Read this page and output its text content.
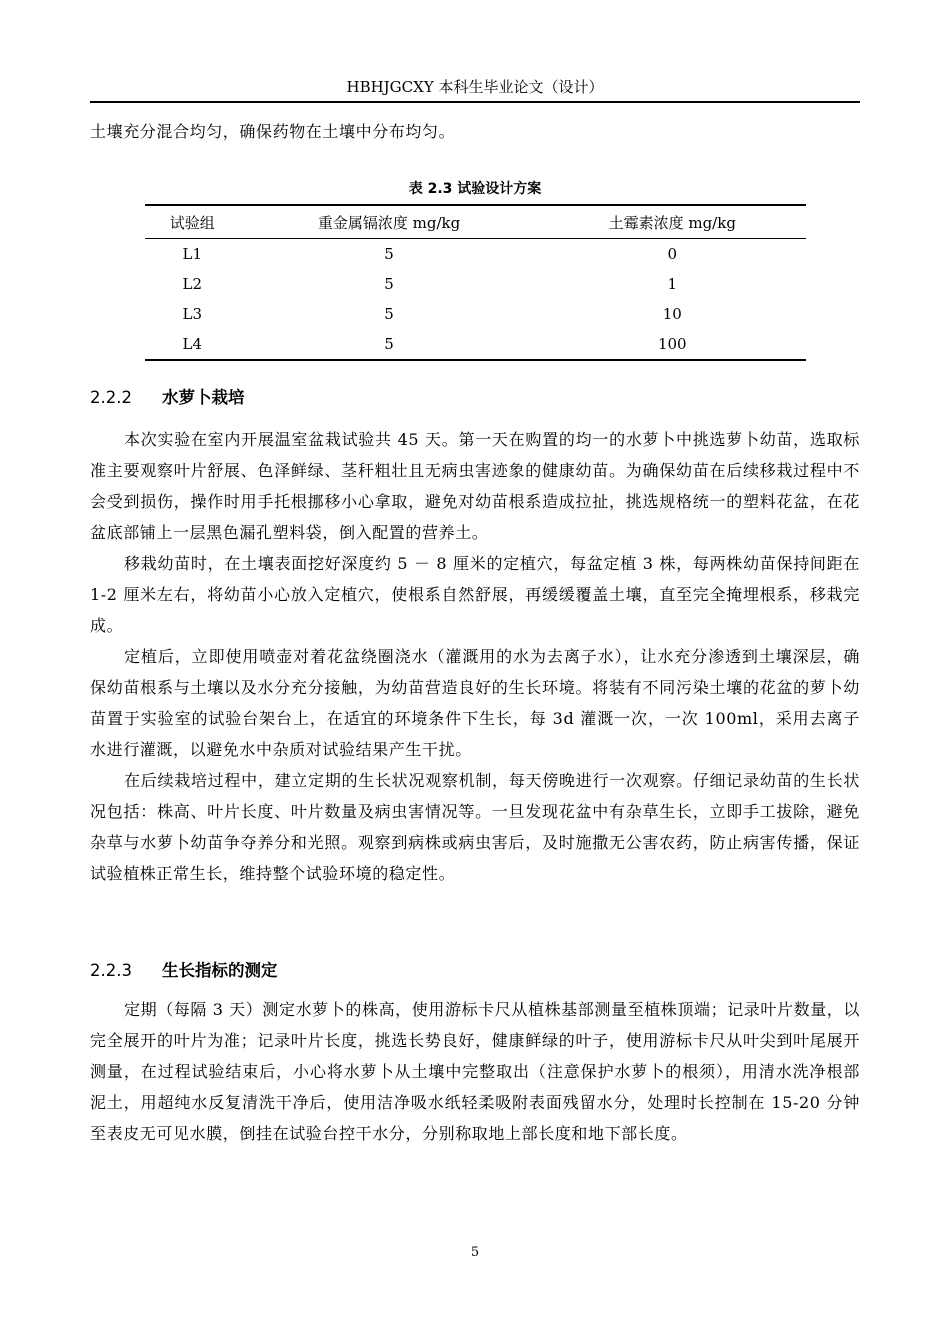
HBHJGCXY 本科生毕业论文（设计）
土壤充分混合均匀，确保药物在土壤中分布均匀。
表 2.3 试验设计方案
试验组	重金属镉浓度 mg/kg	土霉素浓度 mg/kg
L1	5	0
L2	5	1
L3	5	10
L4	5	100
2.2.2 水萝卜栽培

本次实验在室内开展温室盆栽试验共 45 天。第一天在购置的均一的水萝卜中挑选萝卜幼苗，选取标准主要观察叶片舒展、色泽鲜绿、茎秆粗壮且无病虫害迹象的健康幼苗。为确保幼苗在后续移栽过程中不会受到损伤，操作时用手托根挪移小心拿取，避免对幼苗根系造成拉扯，挑选规格统一的塑料花盆，在花盆底部铺上一层黑色漏孔塑料袋，倒入配置的营养土。

移栽幼苗时，在土壤表面挖好深度约 5 － 8 厘米的定植穴，每盆定植 3 株，每两株幼苗保持间距在 1-2 厘米左右，将幼苗小心放入定植穴，使根系自然舒展，再缓缓覆盖土壤，直至完全掩埋根系，移栽完成。

定植后，立即使用喷壶对着花盆绕圈浇水（灌溉用的水为去离子水），让水充分渗透到土壤深层，确保幼苗根系与土壤以及水分充分接触，为幼苗营造良好的生长环境。将装有不同污染土壤的花盆的萝卜幼苗置于实验室的试验台架台上，在适宜的环境条件下生长，每 3d 灌溉一次，一次 100ml，采用去离子水进行灌溉，以避免水中杂质对试验结果产生干扰。

在后续栽培过程中，建立定期的生长状况观察机制，每天傍晚进行一次观察。仔细记录幼苗的生长状况包括：株高、叶片长度、叶片数量及病虫害情况等。一旦发现花盆中有杂草生长，立即手工拔除，避免杂草与水萝卜幼苗争夺养分和光照。观察到病株或病虫害后，及时施撒无公害农药，防止病害传播，保证试验植株正常生长，维持整个试验环境的稳定性。

2.2.3 生长指标的测定

定期（每隔 3 天）测定水萝卜的株高，使用游标卡尺从植株基部测量至植株顶端；记录叶片数量，以完全展开的叶片为准；记录叶片长度，挑选长势良好，健康鲜绿的叶子，使用游标卡尺从叶尖到叶尾展开测量，在过程试验结束后，小心将水萝卜从土壤中完整取出（注意保护水萝卜的根须），用清水洗净根部泥土，用超纯水反复清洗干净后，使用洁净吸水纸轻柔吸附表面残留水分，处理时长控制在 15-20 分钟至表皮无可见水膜，倒挂在试验台控干水分，分别称取地上部长度和地下部长度。

5
